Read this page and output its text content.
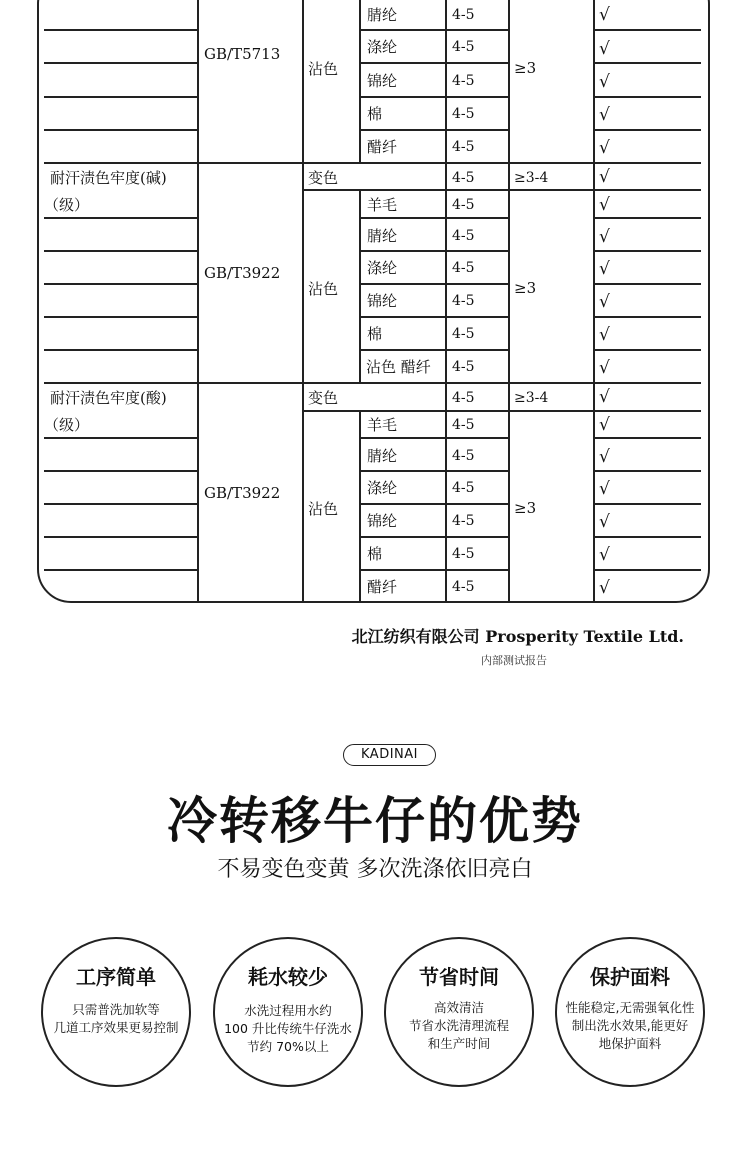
GB/T5713
沾色	≥3
腈纶	4-5	√
涤纶	4-5	√
锦纶	4-5	√
棉	4-5	√
醋纤	4-5	√
耐汗渍色牢度(碱)
（级）
GB/T3922
变色	4-5	≥3-4	√
沾色	≥3
羊毛	4-5	√
腈纶	4-5	√
涤纶	4-5	√
锦纶	4-5	√
棉	4-5	√
沾色 醋纤 4-5	√
耐汗渍色牢度(酸)
（级）
GB/T3922
变色	4-5	≥3-4	√
沾色	≥3
羊毛	4-5	√
腈纶	4-5	√
涤纶	4-5	√
锦纶	4-5	√
棉	4-5	√
醋纤	4-5	√
北江纺织有限公司 Prosperity Textile Ltd.
内部测试报告
KADINAI
冷转移牛仔的优势
不易变色变黄 多次洗涤依旧亮白
工序简单
只需普洗加软等
几道工序效果更易控制
耗水较少
水洗过程用水约
100 升比传统牛仔洗水
节约 70%以上
节省时间
高效清洁
节省水洗清理流程
和生产时间
保护面料
性能稳定,无需强氧化性
制出洗水效果,能更好
地保护面料
